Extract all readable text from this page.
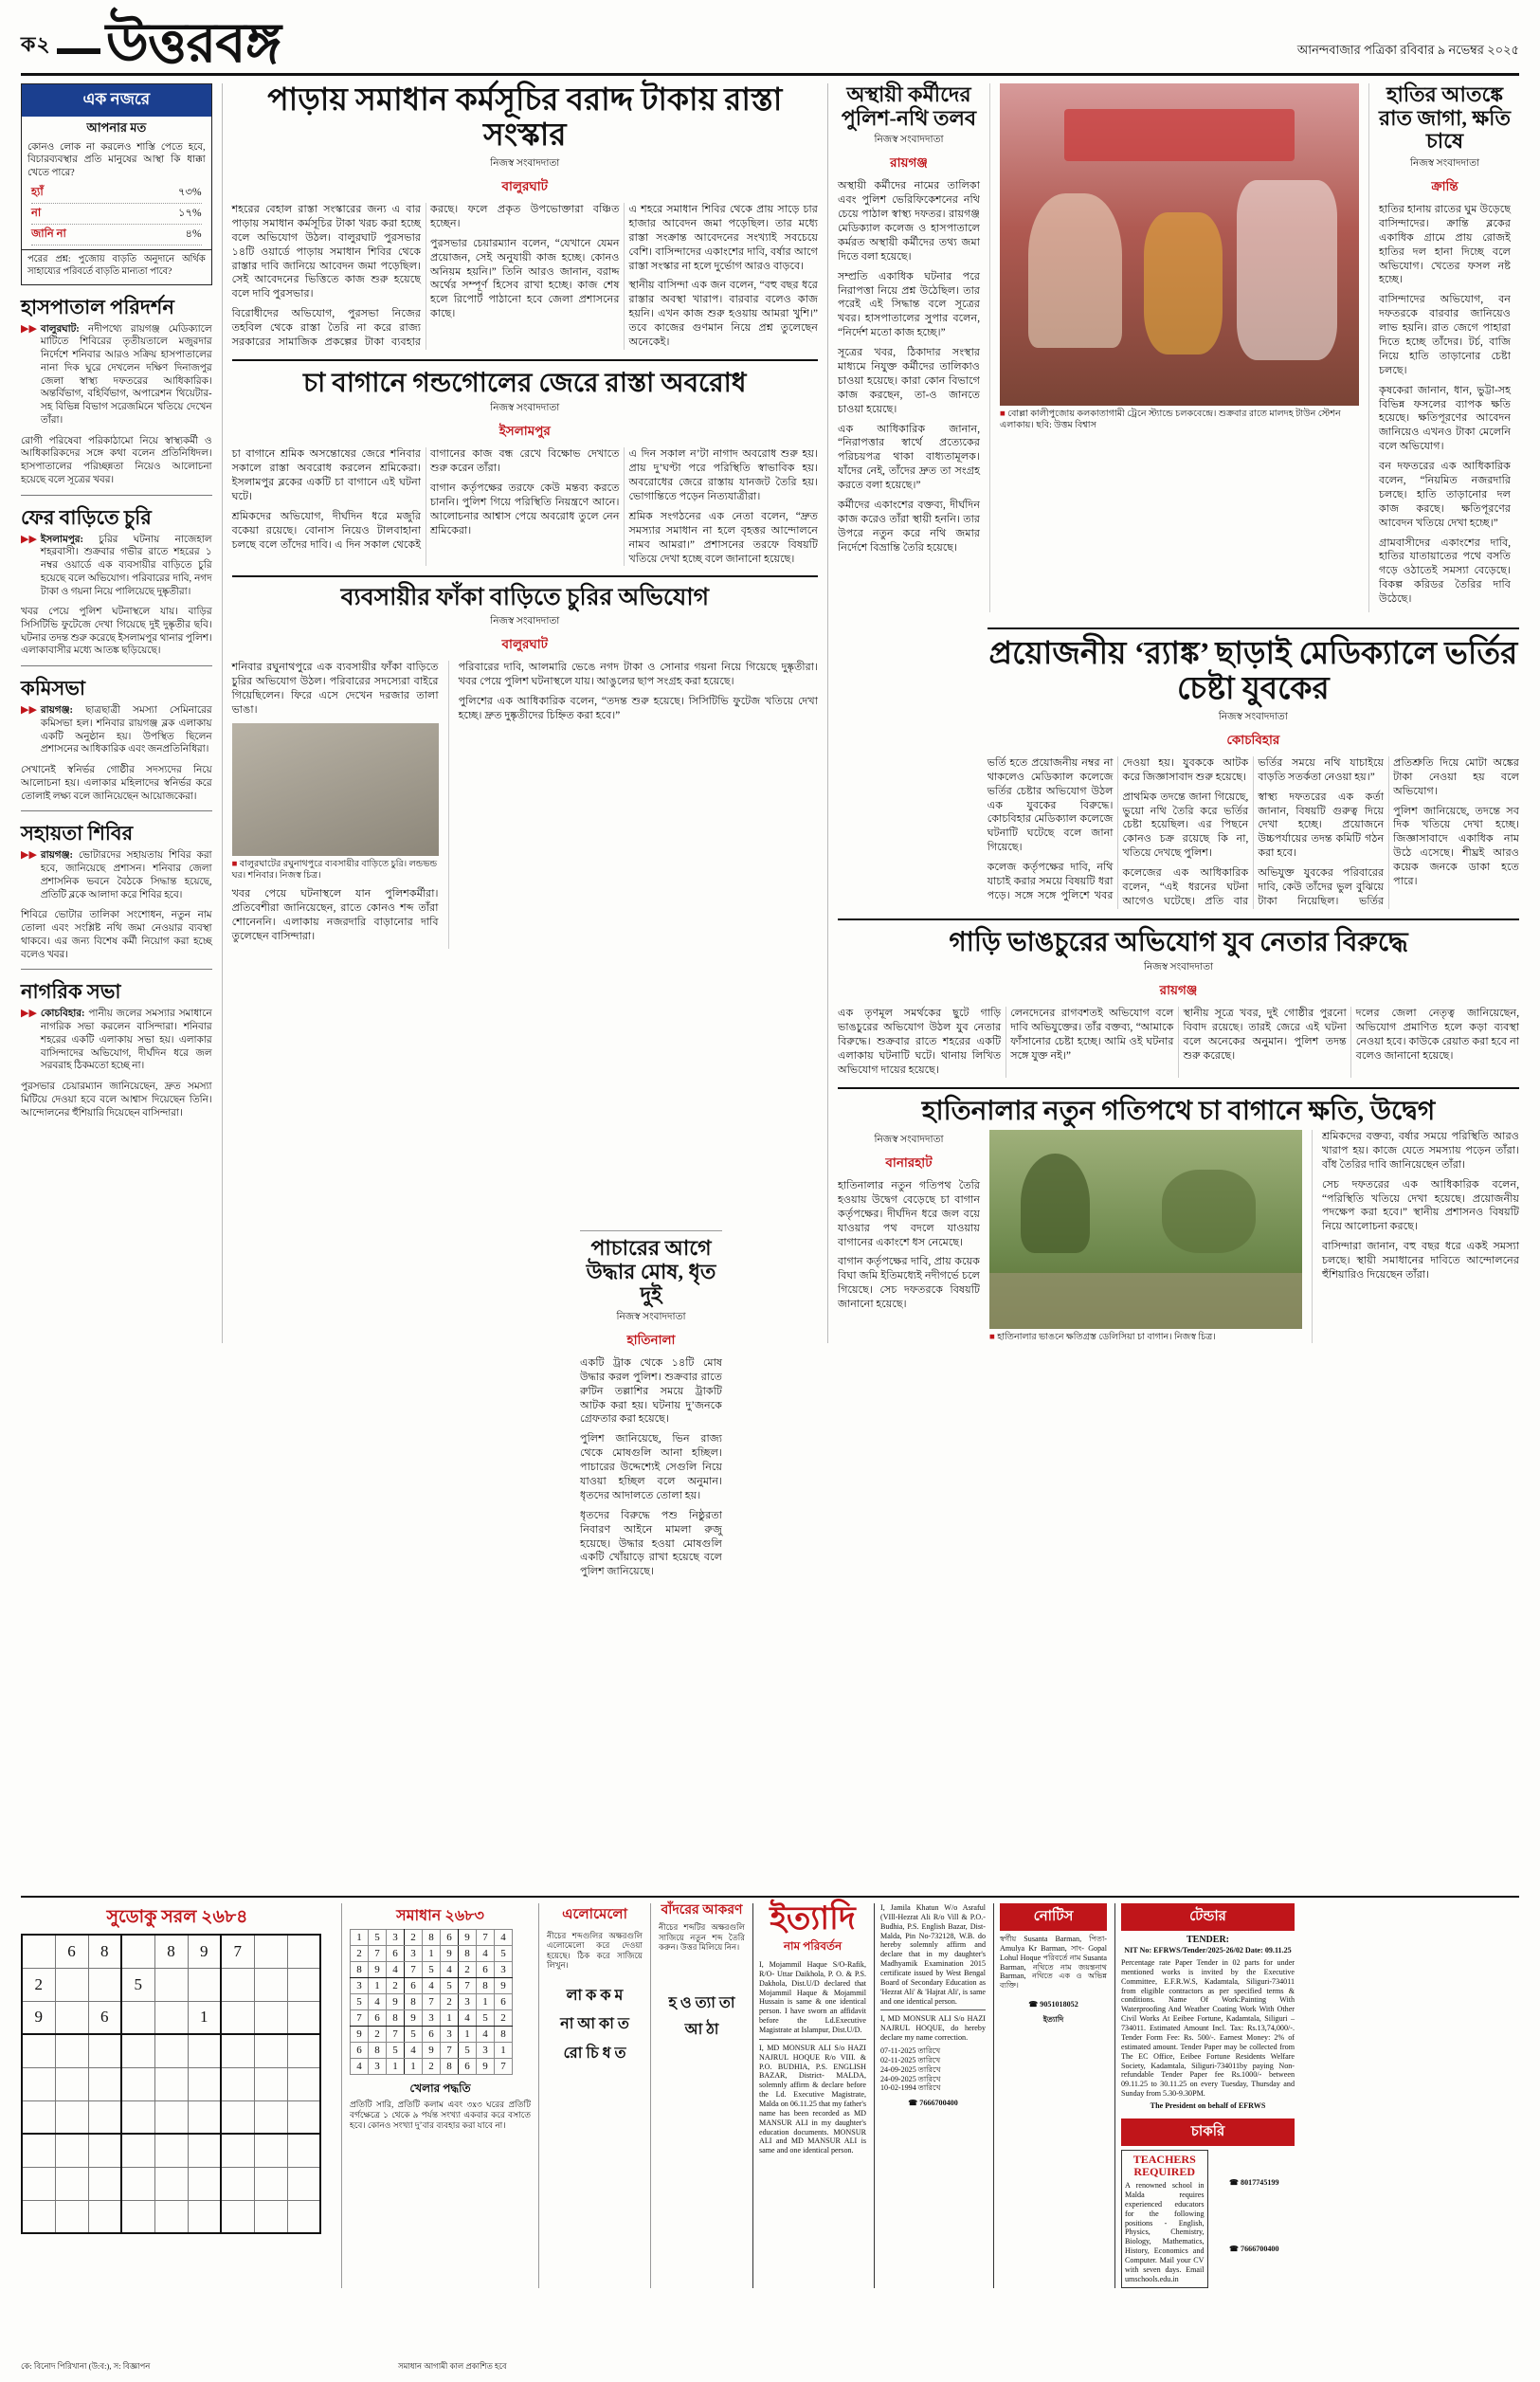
ক২ উত্তরবঙ্গ	আনন্দবাজার পত্রিকা রবিবার ৯ নভেম্বর ২০২৫
এক নজরে
আপনার মত
কোনও লোক না করলেও শাস্তি পেতে হবে, বিচারব্যবস্থার প্রতি মানুষের আস্থা কি ধাক্কা খেতে পারে?
হ্যাঁ	৭৩%
না	১৭%
জানি না	৪%
পরের প্রশ্ন: পুজোয় বাড়তি অনুদানে অর্থিক সাহায্যের পরিবর্তে বাড়তি মান্যতা পাবে?
হাসপাতাল পরিদর্শন
▶▶ বালুরঘাট: নদীপথ্যে রায়গঞ্জ মেডিক্যালে মাটিতে শিবিরের তৃতীয়তালে মজুরদার নির্দেশে শনিবার আরও সক্রিয় হাসপাতালের নানা দিক ঘুরে দেখলেন দক্ষিণ দিনাজপুর জেলা স্বাস্থ্য দফতরের আধিকারিক। অন্তর্বিভাগ, বহির্বিভাগ, অপারেশন থিয়েটার-সহ বিভিন্ন বিভাগ সরেজমিনে খতিয়ে দেখেন তাঁরা।
রোগী পরিষেবা পরিকাঠামো নিয়ে স্বাস্থ্যকর্মী ও আধিকারিকদের সঙ্গে কথা বলেন প্রতিনিধিদল। হাসপাতালের পরিচ্ছন্নতা নিয়েও আলোচনা হয়েছে বলে সূত্রের খবর।
ফের বাড়িতে চুরি
▶▶ ইসলামপুর: চুরির ঘটনায় নাজেহাল শহরবাসী। শুক্রবার গভীর রাতে শহরের ১ নম্বর ওয়ার্ডে এক ব্যবসায়ীর বাড়িতে চুরি হয়েছে বলে অভিযোগ। পরিবারের দাবি, নগদ টাকা ও গয়না নিয়ে পালিয়েছে দুষ্কৃতীরা।
খবর পেয়ে পুলিশ ঘটনাস্থলে যায়। বাড়ির সিসিটিভি ফুটেজে দেখা গিয়েছে দুই দুষ্কৃতীর ছবি। ঘটনার তদন্ত শুরু করেছে ইসলামপুর থানার পুলিশ। এলাকাবাসীর মধ্যে আতঙ্ক ছড়িয়েছে।
কমিসভা
▶▶ রায়গঞ্জ: ছাত্রছাত্রী সমস্যা সেমিনারের কমিসভা হল। শনিবার রায়গঞ্জ ব্লক এলাকায় একটি অনুষ্ঠান হয়। উপস্থিত ছিলেন প্রশাসনের আধিকারিক এবং জনপ্রতিনিধিরা।
সেখানেই স্বনির্ভর গোষ্ঠীর সদস্যদের নিয়ে আলোচনা হয়। এলাকার মহিলাদের স্বনির্ভর করে তোলাই লক্ষ্য বলে জানিয়েছেন আয়োজকেরা।
সহায়তা শিবির
▶▶ রায়গঞ্জ: ভোটারদের সহায়তায় শিবির করা হবে, জানিয়েছে প্রশাসন। শনিবার জেলা প্রশাসনিক ভবনে বৈঠকে সিদ্ধান্ত হয়েছে, প্রতিটি ব্লকে আলাদা করে শিবির হবে।
শিবিরে ভোটার তালিকা সংশোধন, নতুন নাম তোলা এবং সংশ্লিষ্ট নথি জমা নেওয়ার ব্যবস্থা থাকবে। এর জন্য বিশেষ কর্মী নিয়োগ করা হচ্ছে বলেও খবর।
নাগরিক সভা
▶▶ কোচবিহার: পানীয় জলের সমস্যার সমাধানে নাগরিক সভা করলেন বাসিন্দারা। শনিবার শহরের একটি এলাকায় সভা হয়। এলাকার বাসিন্দাদের অভিযোগ, দীর্ঘদিন ধরে জল সরবরাহ ঠিকমতো হচ্ছে না।
পুরসভার চেয়ারম্যান জানিয়েছেন, দ্রুত সমস্যা মিটিয়ে দেওয়া হবে বলে আশ্বাস দিয়েছেন তিনি। আন্দোলনের হুঁশিয়ারি দিয়েছেন বাসিন্দারা।
পাড়ায় সমাধান কর্মসূচির বরাদ্দ টাকায় রাস্তা সংস্কার
নিজস্ব সংবাদদাতা
বালুরঘাট

শহরের বেহাল রাস্তা সংস্কারের জন্য এ বার পাড়ায় সমাধান কর্মসূচির টাকা খরচ করা হচ্ছে বলে অভিযোগ উঠল। বালুরঘাট পুরসভার ১৪টি ওয়ার্ডে পাড়ায় সমাধান শিবির থেকে রাস্তার দাবি জানিয়ে আবেদন জমা পড়েছিল। সেই আবেদনের ভিত্তিতে কাজ শুরু হয়েছে বলে দাবি পুরসভার।

বিরোধীদের অভিযোগ, পুরসভা নিজের তহবিল থেকে রাস্তা তৈরি না করে রাজ্য সরকারের সামাজিক প্রকল্পের টাকা ব্যবহার করছে। ফলে প্রকৃত উপভোক্তারা বঞ্চিত হচ্ছেন।

পুরসভার চেয়ারম্যান বলেন, “যেখানে যেমন প্রয়োজন, সেই অনুযায়ী কাজ হচ্ছে। কোনও অনিয়ম হয়নি।” তিনি আরও জানান, বরাদ্দ অর্থের সম্পূর্ণ হিসেব রাখা হচ্ছে। কাজ শেষ হলে রিপোর্ট পাঠানো হবে জেলা প্রশাসনের কাছে।

এ শহরে সমাধান শিবির থেকে প্রায় সাড়ে চার হাজার আবেদন জমা পড়েছিল। তার মধ্যে রাস্তা সংক্রান্ত আবেদনের সংখ্যাই সবচেয়ে বেশি। বাসিন্দাদের একাংশের দাবি, বর্ষার আগে রাস্তা সংস্কার না হলে দুর্ভোগ আরও বাড়বে।

স্থানীয় বাসিন্দা এক জন বলেন, “বহু বছর ধরে রাস্তার অবস্থা খারাপ। বারবার বলেও কাজ হয়নি। এখন কাজ শুরু হওয়ায় আমরা খুশি।” তবে কাজের গুণমান নিয়ে প্রশ্ন তুলেছেন অনেকেই।

চা বাগানে গন্ডগোলের জেরে রাস্তা অবরোধ
নিজস্ব সংবাদদাতা
ইসলামপুর

চা বাগানে শ্রমিক অসন্তোষের জেরে শনিবার সকালে রাস্তা অবরোধ করলেন শ্রমিকেরা। ইসলামপুর ব্লকের একটি চা বাগানে এই ঘটনা ঘটে।

শ্রমিকদের অভিযোগ, দীর্ঘদিন ধরে মজুরি বকেয়া রয়েছে। বোনাস নিয়েও টালবাহানা চলছে বলে তাঁদের দাবি। এ দিন সকাল থেকেই বাগানের কাজ বন্ধ রেখে বিক্ষোভ দেখাতে শুরু করেন তাঁরা।

বাগান কর্তৃপক্ষের তরফে কেউ মন্তব্য করতে চাননি। পুলিশ গিয়ে পরিস্থিতি নিয়ন্ত্রণে আনে। আলোচনার আশ্বাস পেয়ে অবরোধ তুলে নেন শ্রমিকেরা।

এ দিন সকাল ন’টা নাগাদ অবরোধ শুরু হয়। প্রায় দু’ঘণ্টা পরে পরিস্থিতি স্বাভাবিক হয়। অবরোধের জেরে রাস্তায় যানজট তৈরি হয়। ভোগান্তিতে পড়েন নিত্যযাত্রীরা।

শ্রমিক সংগঠনের এক নেতা বলেন, “দ্রুত সমস্যার সমাধান না হলে বৃহত্তর আন্দোলনে নামব আমরা।” প্রশাসনের তরফে বিষয়টি খতিয়ে দেখা হচ্ছে বলে জানানো হয়েছে।

ব্যবসায়ীর ফাঁকা বাড়িতে চুরির অভিযোগ
নিজস্ব সংবাদদাতা
বালুরঘাট

শনিবার রঘুনাথপুরে এক ব্যবসায়ীর ফাঁকা বাড়িতে চুরির অভিযোগ উঠল। পরিবারের সদস্যেরা বাইরে গিয়েছিলেন। ফিরে এসে দেখেন দরজার তালা ভাঙা।

■ বালুরঘাটের রঘুনাথপুরে ব্যবসায়ীর বাড়িতে চুরি। লন্ডভন্ড ঘর। শনিবার। নিজস্ব চিত্র।

খবর পেয়ে ঘটনাস্থলে যান পুলিশকর্মীরা। প্রতিবেশীরা জানিয়েছেন, রাতে কোনও শব্দ তাঁরা শোনেননি। এলাকায় নজরদারি বাড়ানোর দাবি তুলেছেন বাসিন্দারা।

পরিবারের দাবি, আলমারি ভেঙে নগদ টাকা ও সোনার গয়না নিয়ে গিয়েছে দুষ্কৃতীরা। খবর পেয়ে পুলিশ ঘটনাস্থলে যায়। আঙুলের ছাপ সংগ্রহ করা হয়েছে।

পুলিশের এক আধিকারিক বলেন, “তদন্ত শুরু হয়েছে। সিসিটিভি ফুটেজ খতিয়ে দেখা হচ্ছে। দ্রুত দুষ্কৃতীদের চিহ্নিত করা হবে।”

অস্থায়ী কর্মীদের পুলিশ-নথি তলব
নিজস্ব সংবাদদাতা
রায়গঞ্জ

অস্থায়ী কর্মীদের নামের তালিকা এবং পুলিশ ভেরিফিকেশনের নথি চেয়ে পাঠাল স্বাস্থ্য দফতর। রায়গঞ্জ মেডিক্যাল কলেজ ও হাসপাতালে কর্মরত অস্থায়ী কর্মীদের তথ্য জমা দিতে বলা হয়েছে।

সম্প্রতি একাধিক ঘটনার পরে নিরাপত্তা নিয়ে প্রশ্ন উঠেছিল। তার পরেই এই সিদ্ধান্ত বলে সূত্রের খবর। হাসপাতালের সুপার বলেন, “নির্দেশ মতো কাজ হচ্ছে।”

সূত্রের খবর, ঠিকাদার সংস্থার মাধ্যমে নিযুক্ত কর্মীদের তালিকাও চাওয়া হয়েছে। কারা কোন বিভাগে কাজ করছেন, তা-ও জানতে চাওয়া হয়েছে।

এক আধিকারিক জানান, “নিরাপত্তার স্বার্থে প্রত্যেকের পরিচয়পত্র থাকা বাধ্যতামূলক। যাঁদের নেই, তাঁদের দ্রুত তা সংগ্রহ করতে বলা হয়েছে।”

কর্মীদের একাংশের বক্তব্য, দীর্ঘদিন কাজ করেও তাঁরা স্থায়ী হননি। তার উপরে নতুন করে নথি জমার নির্দেশে বিভ্রান্তি তৈরি হয়েছে।

■ বোল্লা কালীপুজোয় কলকাতাগামী ট্রেনে স্ট্যান্ডে চলকবেন্দ্রে। শুক্রবার রাতে মালদহ টাউন স্টেশন এলাকায়। ছবি: উত্তম বিশ্বাস
হাতির আতঙ্কে রাত জাগা, ক্ষতি চাষে
নিজস্ব সংবাদদাতা
ক্রান্তি

হাতির হানায় রাতের ঘুম উড়েছে বাসিন্দাদের। ক্রান্তি ব্লকের একাধিক গ্রামে প্রায় রোজই হাতির দল হানা দিচ্ছে বলে অভিযোগ। খেতের ফসল নষ্ট হচ্ছে।

বাসিন্দাদের অভিযোগ, বন দফতরকে বারবার জানিয়েও লাভ হয়নি। রাত জেগে পাহারা দিতে হচ্ছে তাঁদের। টর্চ, বাজি নিয়ে হাতি তাড়ানোর চেষ্টা চলছে।

কৃষকেরা জানান, ধান, ভুট্টা-সহ বিভিন্ন ফসলের ব্যাপক ক্ষতি হয়েছে। ক্ষতিপূরণের আবেদন জানিয়েও এখনও টাকা মেলেনি বলে অভিযোগ।

বন দফতরের এক আধিকারিক বলেন, “নিয়মিত নজরদারি চলছে। হাতি তাড়ানোর দল কাজ করছে। ক্ষতিপূরণের আবেদন খতিয়ে দেখা হচ্ছে।”

গ্রামবাসীদের একাংশের দাবি, হাতির যাতায়াতের পথে বসতি গড়ে ওঠাতেই সমস্যা বেড়েছে। বিকল্প করিডর তৈরির দাবি উঠেছে।

প্রয়োজনীয় ‘র‍্যাঙ্ক’ ছাড়াই মেডিক্যালে ভর্তির চেষ্টা যুবকের
নিজস্ব সংবাদদাতা
কোচবিহার

ভর্তি হতে প্রয়োজনীয় নম্বর না থাকলেও মেডিক্যাল কলেজে ভর্তির চেষ্টার অভিযোগ উঠল এক যুবকের বিরুদ্ধে। কোচবিহার মেডিক্যাল কলেজে ঘটনাটি ঘটেছে বলে জানা গিয়েছে।

কলেজ কর্তৃপক্ষের দাবি, নথি যাচাই করার সময়ে বিষয়টি ধরা পড়ে। সঙ্গে সঙ্গে পুলিশে খবর দেওয়া হয়। যুবককে আটক করে জিজ্ঞাসাবাদ শুরু হয়েছে।

প্রাথমিক তদন্তে জানা গিয়েছে, ভুয়ো নথি তৈরি করে ভর্তির চেষ্টা হয়েছিল। এর পিছনে কোনও চক্র রয়েছে কি না, খতিয়ে দেখছে পুলিশ।

কলেজের এক আধিকারিক বলেন, “এই ধরনের ঘটনা আগেও ঘটেছে। প্রতি বার ভর্তির সময়ে নথি যাচাইয়ে বাড়তি সতর্কতা নেওয়া হয়।”

স্বাস্থ্য দফতরের এক কর্তা জানান, বিষয়টি গুরুত্ব দিয়ে দেখা হচ্ছে। প্রয়োজনে উচ্চপর্যায়ের তদন্ত কমিটি গঠন করা হবে।

অভিযুক্ত যুবকের পরিবারের দাবি, কেউ তাঁদের ভুল বুঝিয়ে টাকা নিয়েছিল। ভর্তির প্রতিশ্রুতি দিয়ে মোটা অঙ্কের টাকা নেওয়া হয় বলে অভিযোগ।

পুলিশ জানিয়েছে, তদন্তে সব দিক খতিয়ে দেখা হচ্ছে। জিজ্ঞাসাবাদে একাধিক নাম উঠে এসেছে। শীঘ্রই আরও কয়েক জনকে ডাকা হতে পারে।

গাড়ি ভাঙচুরের অভিযোগ যুব নেতার বিরুদ্ধে
নিজস্ব সংবাদদাতা
রায়গঞ্জ

এক তৃণমূল সমর্থকের ছুটে গাড়ি ভাঙচুরের অভিযোগ উঠল যুব নেতার বিরুদ্ধে। শুক্রবার রাতে শহরের একটি এলাকায় ঘটনাটি ঘটে। থানায় লিখিত অভিযোগ দায়ের হয়েছে।

লেনদেনের রাগবশতই অভিযোগ বলে দাবি অভিযুক্তের। তাঁর বক্তব্য, “আমাকে ফাঁসানোর চেষ্টা হচ্ছে। আমি ওই ঘটনার সঙ্গে যুক্ত নই।”

স্থানীয় সূত্রে খবর, দুই গোষ্ঠীর পুরনো বিবাদ রয়েছে। তারই জেরে এই ঘটনা বলে অনেকের অনুমান। পুলিশ তদন্ত শুরু করেছে।

দলের জেলা নেতৃত্ব জানিয়েছেন, অভিযোগ প্রমাণিত হলে কড়া ব্যবস্থা নেওয়া হবে। কাউকে রেয়াত করা হবে না বলেও জানানো হয়েছে।

হাতিনালার নতুন গতিপথে চা বাগানে ক্ষতি, উদ্বেগ
নিজস্ব সংবাদদাতা
বানারহাট

হাতিনালার নতুন গতিপথ তৈরি হওয়ায় উদ্বেগ বেড়েছে চা বাগান কর্তৃপক্ষের। দীর্ঘদিন ধরে জল বয়ে যাওয়ার পথ বদলে যাওয়ায় বাগানের একাংশে ধস নেমেছে।

বাগান কর্তৃপক্ষের দাবি, প্রায় কয়েক বিঘা জমি ইতিমধ্যেই নদীগর্ভে চলে গিয়েছে। সেচ দফতরকে বিষয়টি জানানো হয়েছে।

■ হাতিনালার ভাঙনে ক্ষতিগ্রস্ত ডেলিসিয়া চা বাগান। নিজস্ব চিত্র।

শ্রমিকদের বক্তব্য, বর্ষার সময়ে পরিস্থিতি আরও খারাপ হয়। কাজে যেতে সমস্যায় পড়েন তাঁরা। বাঁধ তৈরির দাবি জানিয়েছেন তাঁরা।

সেচ দফতরের এক আধিকারিক বলেন, “পরিস্থিতি খতিয়ে দেখা হয়েছে। প্রয়োজনীয় পদক্ষেপ করা হবে।” স্থানীয় প্রশাসনও বিষয়টি নিয়ে আলোচনা করছে।

বাসিন্দারা জানান, বহু বছর ধরে একই সমস্যা চলছে। স্থায়ী সমাধানের দাবিতে আন্দোলনের হুঁশিয়ারিও দিয়েছেন তাঁরা।

পাচারের আগে উদ্ধার মোষ, ধৃত দুই
নিজস্ব সংবাদদাতা
হাতিনালা

একটি ট্রাক থেকে ১৪টি মোষ উদ্ধার করল পুলিশ। শুক্রবার রাতে রুটিন তল্লাশির সময়ে ট্রাকটি আটক করা হয়। ঘটনায় দু’জনকে গ্রেফতার করা হয়েছে।

পুলিশ জানিয়েছে, ভিন রাজ্য থেকে মোষগুলি আনা হচ্ছিল। পাচারের উদ্দেশ্যেই সেগুলি নিয়ে যাওয়া হচ্ছিল বলে অনুমান। ধৃতদের আদালতে তোলা হয়।

ধৃতদের বিরুদ্ধে পশু নিষ্ঠুরতা নিবারণ আইনে মামলা রুজু হয়েছে। উদ্ধার হওয়া মোষগুলি একটি খোঁয়াড়ে রাখা হয়েছে বলে পুলিশ জানিয়েছে।

সুডোকু সরল ২৬৮৪
	6	8		8	9	7		
2			5					
9		6			1			

সমাধান ২৬৮৩
1	5	3	2	8	6	9	7	4
2	7	6	3	1	9	8	4	5
8	9	4	7	5	4	2	6	3
3	1	2	6	4	5	7	8	9
5	4	9	8	7	2	3	1	6
7	6	8	9	3	1	4	5	2
9	2	7	5	6	3	1	4	8
6	8	5	4	9	7	5	3	1
4	3	1	1	2	8	6	9	7
খেলার পদ্ধতি
প্রতিটি সারি, প্রতিটি কলাম এবং ৩x৩ ঘরের প্রতিটি বর্গক্ষেত্রে ১ থেকে ৯ পর্যন্ত সংখ্যা একবার করে বসাতে হবে। কোনও সংখ্যা দু’বার ব্যবহার করা যাবে না।
এলোমেলো
নীচের শব্দগুলির অক্ষরগুলি এলোমেলো করে দেওয়া হয়েছে। ঠিক করে সাজিয়ে লিখুন।
লা ক ক ম
না আ কা ত
রো চি ধ ত
বাঁদরের আকরণ
নীচের শব্দটির অক্ষরগুলি সাজিয়ে নতুন শব্দ তৈরি করুন। উত্তর মিলিয়ে নিন।
হ ও ত্যা তা আ ঠা
ইত্যাদি
নাম পরিবর্তন
I, Mojammil Haque S/O-Rafik, R/O- Uttar Daikhola, P. O. & P.S. Dakhola, Dist.U/D declared that Mojammil Haque & Mojammil Hussain is same & one identical person. I have sworn an affidavit before the Ld.Executive Magistrate at Islampur, Dist.U/D.
I, MD MONSUR ALI S/o HAZI NAJRUL HOQUE R/o VIII. & P.O. BUDHIA, P.S. ENGLISH BAZAR, District- MALDA, solemnly affirm & declare before the Ld. Executive Magistrate, Malda on 06.11.25 that my father's name has been recorded as MD MANSUR ALI in my daughter's education documents. MONSUR ALI and MD MANSUR ALI is same and one identical person.
I, Jamila Khatun W/o Asraful (VIll-Hezrat Ali R/o Vill & P.O.-Budhia, P.S. English Bazar, Dist- Malda, Pin No-732128, W.B. do hereby solemnly affirm and declare that in my daughter's Madhyamik Examination 2015 certificate issued by West Bengal Board of Secondary Education as 'Hezrat Ali' & 'Hajrat Ali', is same and one identical person.
I, MD MONSUR ALI S/o HAZI NAJRUL HOQUE, do hereby declare my name correction.
07-11-2025 তারিখে
02-11-2025 তারিখে
24-09-2025 তারিখে
24-09-2025 তারিখে
10-02-1994 তারিখে
☎ 7666700400
নোটিস
স্বর্গীয় Susanta Barman, পিতা- Amulya Kr Barman, সাং- Gopal Lohul Hoque পরিবর্তে নাম Susanta Barman, নথিতে নাম জয়ন্তনাথ Barman, নথিতে এক ও অভিন্ন ব্যক্তি।
☎ 9051018052
ইত্যাদি
টেন্ডার
TENDER:
NIT No: EFRWS/Tender/2025-26/02 Date: 09.11.25
Percentage rate Paper Tender in 02 parts for under mentioned works is invited by the Executive Committee, E.F.R.W.S, Kadamtala, Siliguri-734011 from eligible contractors as per specified terms & conditions. Name Of Work:Painting With Waterproofing And Weather Coating Work With Other Civil Works At Eeibee Fortune, Kadamtala, Siliguri –734011. Estimated Amount Incl. Tax: Rs.13,74,000/-. Tender Form Fee: Rs. 500/-. Earnest Money: 2% of estimated amount. Tender Paper may be collected from The EC Office, Eeibee Fortune Residents Welfare Society, Kadamtala, Siliguri-734011by paying Non-refundable Tender Paper fee Rs.1000/- between 09.11.25 to 30.11.25 on every Tuesday, Thursday and Sunday from 5.30-9.30PM.
The President on behalf of EFRWS
চাকরি
TEACHERS REQUIRED
A renowned school in Malda requires experienced educators for the following positions - English, Physics, Chemistry, Biology, Mathematics, History, Economics and Computer. Mail your CV with seven days. Email umschools.edu.in
☎ 8017745199
☎ 7666700400
কে: বিনোদ পিরিখানা (উ:ব:), স: বিজ্ঞাপন	সমাধান আগামী কাল প্রকাশিত হবে
